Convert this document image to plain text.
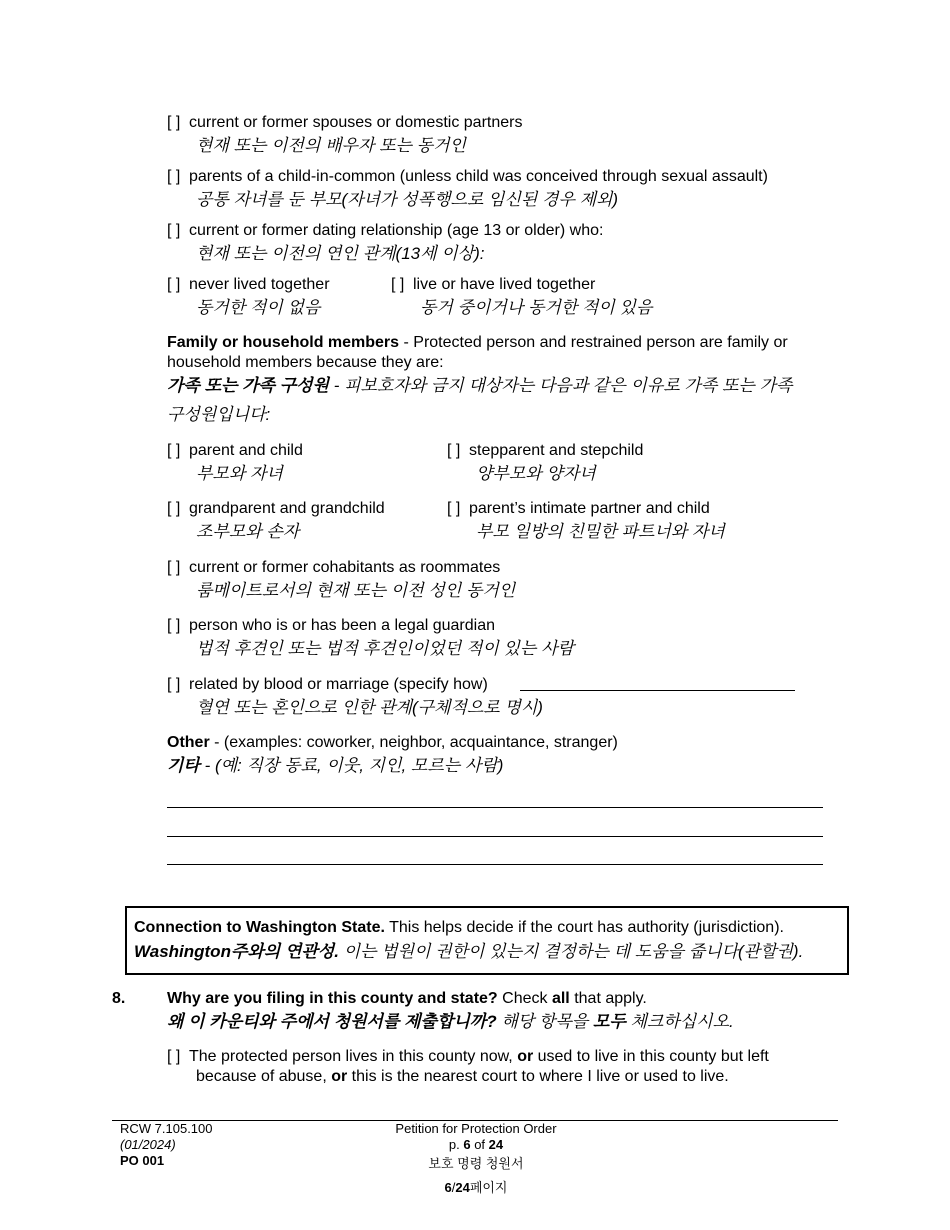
[ ] current or former spouses or domestic partners
현재 또는 이전의 배우자 또는 동거인
[ ] parents of a child-in-common (unless child was conceived through sexual assault)
공통 자녀를 둔 부모(자녀가 성폭행으로 임신된 경우 제외)
[ ] current or former dating relationship (age 13 or older) who:
현재 또는 이전의 연인 관계(13세 이상):
[ ] never lived together
동거한 적이 없음
[ ] live or have lived together
동거 중이거나 동거한 적이 있음
Family or household members - Protected person and restrained person are family or
household members because they are:
가족 또는 가족 구성원 - 피보호자와 금지 대상자는 다음과 같은 이유로 가족 또는 가족
구성원입니다:
[ ] parent and child
부모와 자녀
[ ] stepparent and stepchild
양부모와 양자녀
[ ] grandparent and grandchild
조부모와 손자
[ ] parent’s intimate partner and child
부모 일방의 친밀한 파트너와 자녀
[ ] current or former cohabitants as roommates
룸메이트로서의 현재 또는 이전 성인 동거인
[ ] person who is or has been a legal guardian
법적 후견인 또는 법적 후견인이었던 적이 있는 사람
[ ] related by blood or marriage (specify how)
혈연 또는 혼인으로 인한 관계(구체적으로 명시)
Other - (examples: coworker, neighbor, acquaintance, stranger)
기타 - (예: 직장 동료, 이웃, 지인, 모르는 사람)
Connection to Washington State. This helps decide if the court has authority (jurisdiction).
Washington주와의 연관성. 이는 법원이 권한이 있는지 결정하는 데 도움을 줍니다(관할권).
8.	Why are you filing in this county and state? Check all that apply.
왜 이 카운티와 주에서 청원서를 제출합니까? 해당 항목을 모두 체크하십시오.
[ ] The protected person lives in this county now, or used to live in this county but left
because of abuse, or this is the nearest court to where I live or used to live.
RCW 7.105.100
(01/2024)
PO 001
Petition for Protection Order
p. 6 of 24
보호 명령 청원서
6/24페이지
